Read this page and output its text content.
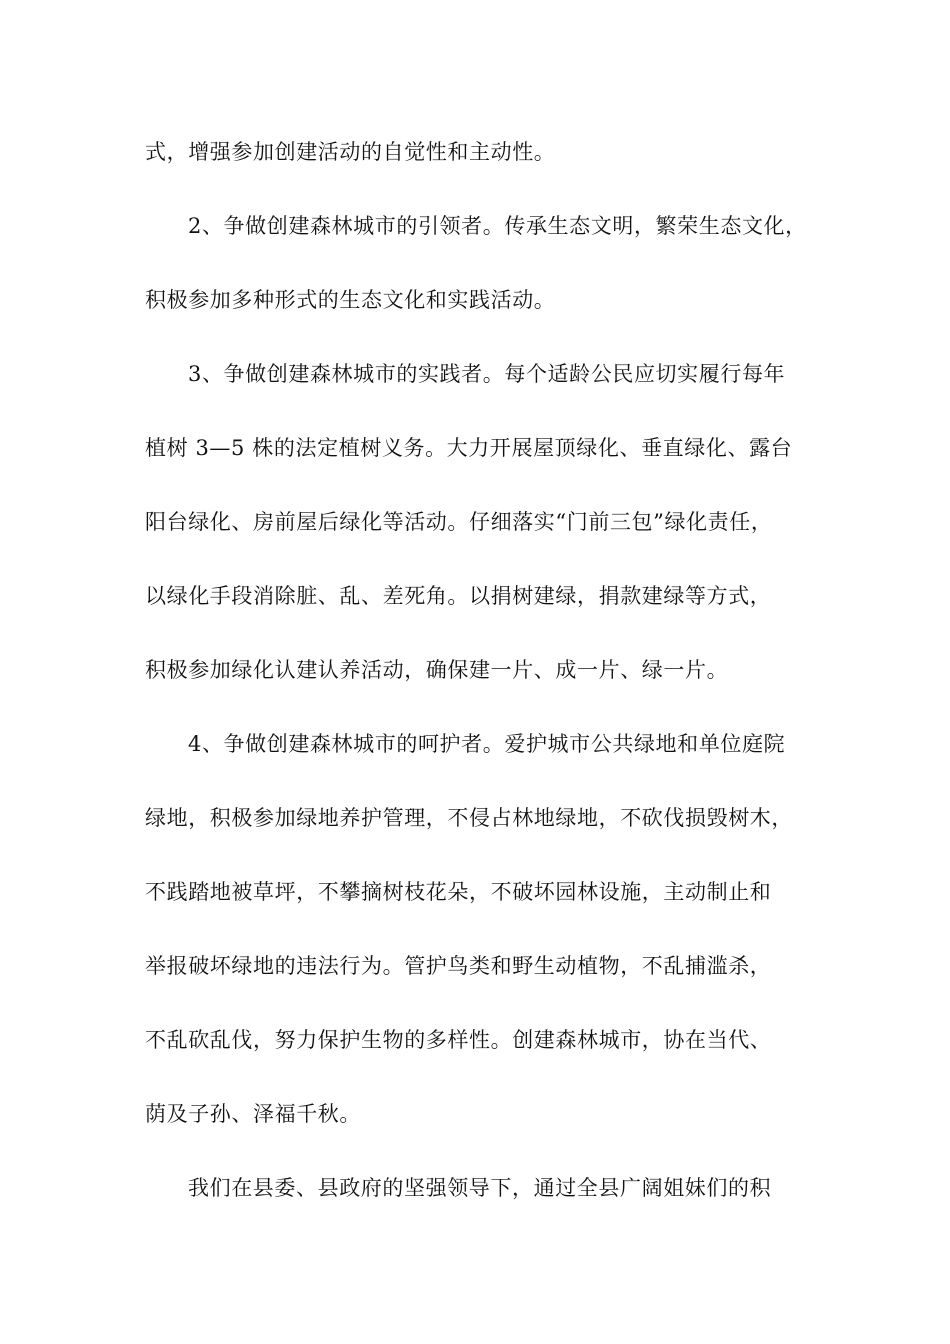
式，增强参加创建活动的自觉性和主动性。
2、争做创建森林城市的引领者。传承生态文明，繁荣生态文化，
积极参加多种形式的生态文化和实践活动。
3、争做创建森林城市的实践者。每个适龄公民应切实履行每年
植树 3—5 株的法定植树义务。大力开展屋顶绿化、垂直绿化、露台
阳台绿化、房前屋后绿化等活动。仔细落实“门前三包”绿化责任，
以绿化手段消除脏、乱、差死角。以捐树建绿，捐款建绿等方式，
积极参加绿化认建认养活动，确保建一片、成一片、绿一片。
4、争做创建森林城市的呵护者。爱护城市公共绿地和单位庭院
绿地，积极参加绿地养护管理，不侵占林地绿地，不砍伐损毁树木，
不践踏地被草坪，不攀摘树枝花朵，不破坏园林设施，主动制止和
举报破坏绿地的违法行为。管护鸟类和野生动植物，不乱捕滥杀，
不乱砍乱伐，努力保护生物的多样性。创建森林城市，协在当代、
荫及子孙、泽福千秋。
我们在县委、县政府的坚强领导下，通过全县广阔姐妹们的积
